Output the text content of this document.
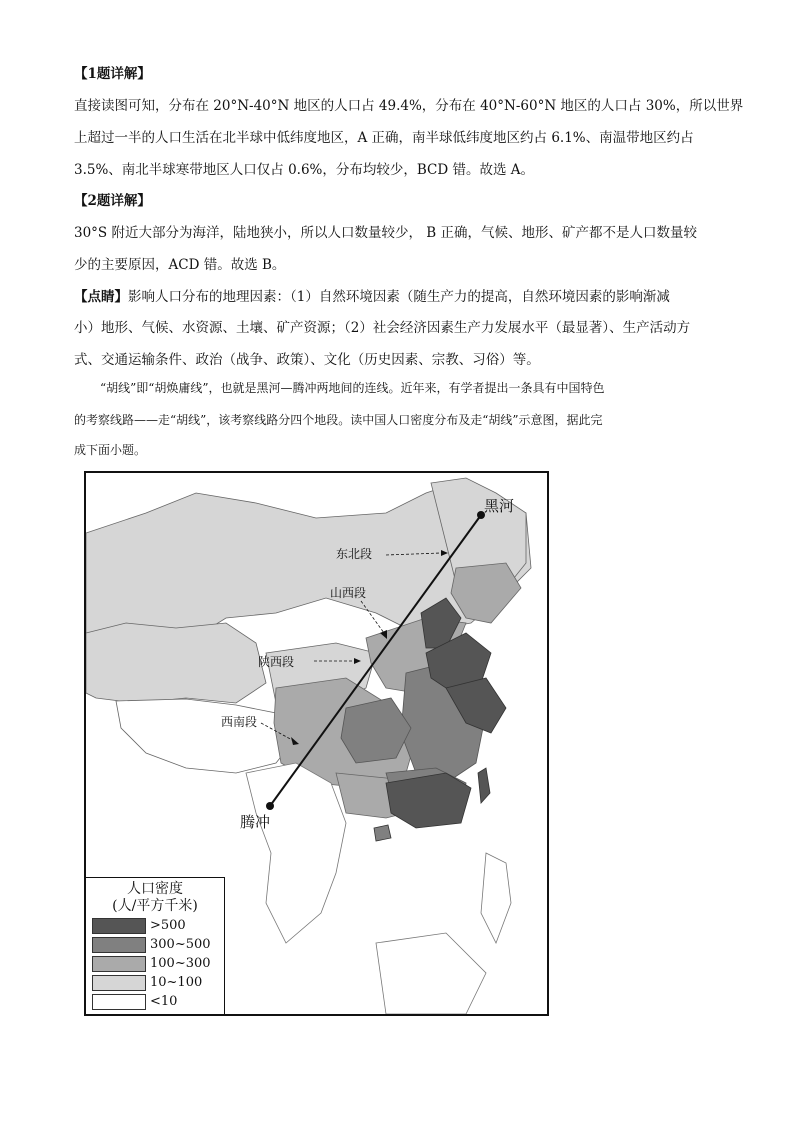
【1题详解】
直接读图可知，分布在 20°N-40°N 地区的人口占 49.4%，分布在 40°N-60°N 地区的人口占 30%，所以世界
上超过一半的人口生活在北半球中低纬度地区，A 正确，南半球低纬度地区约占 6.1%、南温带地区约占
3.5%、南北半球寒带地区人口仅占 0.6%，分布均较少，BCD 错。故选 A。
【2题详解】
30°S 附近大部分为海洋，陆地狭小，所以人口数量较少， B 正确，气候、地形、矿产都不是人口数量较
少的主要原因，ACD 错。故选 B。
【点睛】影响人口分布的地理因素：（1）自然环境因素（随生产力的提高，自然环境因素的影响渐减
小）地形、气候、水资源、土壤、矿产资源；（2）社会经济因素生产力发展水平（最显著）、生产活动方
式、交通运输条件、政治（战争、政策）、文化（历史因素、宗教、习俗）等。
“胡线”即“胡焕庸线”，也就是黑河—腾冲两地间的连线。近年来，有学者提出一条具有中国特色
的考察线路——走“胡线”，该考察线路分四个地段。读中国人口密度分布及走“胡线”示意图，据此完
成下面小题。
黑河
腾冲
东北段
山西段
陕西段
西南段
人口密度
(人/平方千米)
>500
300~500
100~300
10~100
<10
